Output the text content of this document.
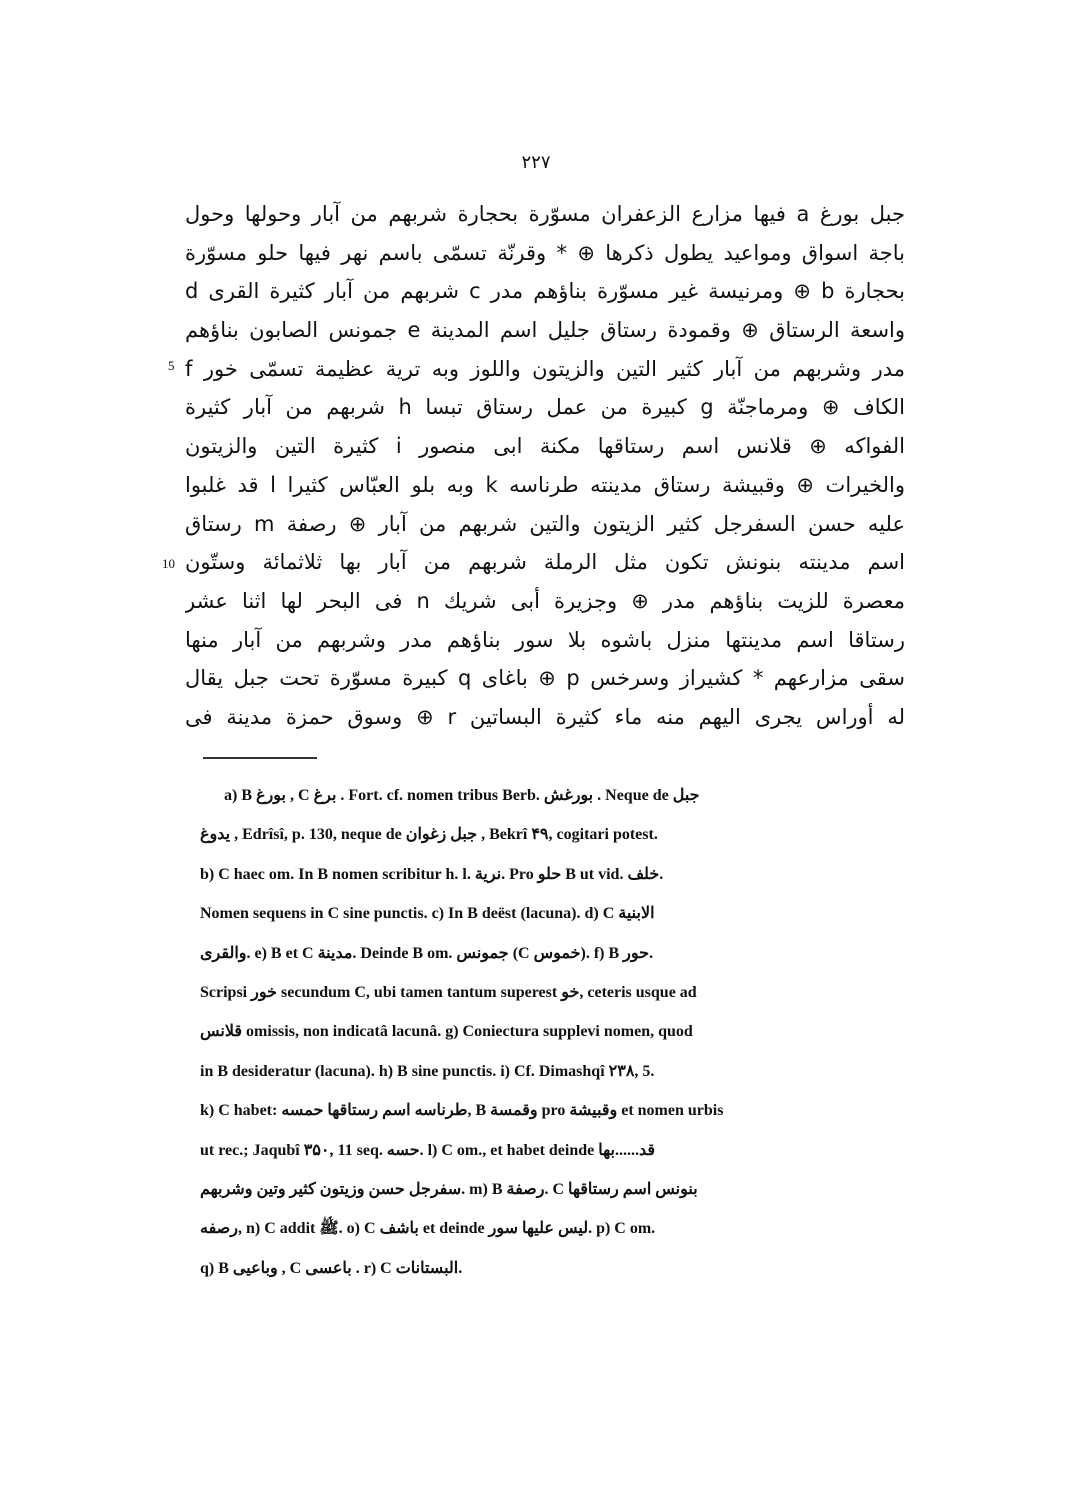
۲۲۷
جبل بورغ a فيها مزارع الزعفران مسوّرة بحجارة شربهم من آبار وحولها وحول
باجة اسواق ومواعيد يطول ذكرها ⊕ * وقرنّة تسمّى باسم نهر فيها حلو مسوّرة
بحجارة b ⊕ ومرنيسة غير مسوّرة بناؤهم مدر c شربهم من آبار كثيرة القرى d
واسعة الرستاق ⊕ وقمودة رستاق جليل اسم المدينة e جمونس الصابون بناؤهم
مدر وشربهم من آبار كثير التين والزيتون واللوز وبه ترية عظيمة تسمّى خور f
الكاف ⊕ ومرماجنّة g كبيرة من عمل رستاق تبسا h شربهم من آبار كثيرة
الفواكه ⊕ قلانس اسم رستاقها مكنة ابى منصور i كثيرة التين والزيتون
والخيرات ⊕ وقبيشة رستاق مدينته طرناسه k وبه بلو العبّاس كثيرا l قد غلبوا
عليه حسن السفرجل كثير الزيتون والتين شربهم من آبار ⊕ رصفة m رستاق
اسم مدينته بنونش تكون مثل الرملة شربهم من آبار بها ثلاثمائة وستّون
معصرة للزيت بناؤهم مدر ⊕ وجزيرة أبى شريك n فى البحر لها اثنا عشر
رستاقا اسم مدينتها منزل باشوه بلا سور بناؤهم مدر وشربهم من آبار منها
سقى مزارعهم * كشيراز وسرخس p ⊕ باغاى q كبيرة مسوّرة تحت جبل يقال
له أوراس يجرى اليهم منه ماء كثيرة البساتين r ⊕ وسوق حمزة مدينة فى
5
10
a) B بورغ , C برغ . Fort. cf. nomen tribus Berb. بورغش . Neque de جبل
يدوغ , Edrîsî, p. 130, neque de جبل زغوان , Bekrî ۴۹, cogitari potest.
b) C haec om. In B nomen scribitur h. l. نرية. Pro حلو B ut vid. خلف.
Nomen sequens in C sine punctis. c) In B deëst (lacuna). d) C الابنية
والقرى. e) B et C مدينة. Deinde B om. جمونس (C خموس). f) B حور.
Scripsi خور secundum C, ubi tamen tantum superest خو, ceteris usque ad
قلانس omissis, non indicatâ lacunâ. g) Coniectura supplevi nomen, quod
in B desideratur (lacuna). h) B sine punctis. i) Cf. Dimashqî ۲۳۸, 5.
k) C habet: طرناسه اسم رستاقها حمسه, B وقمسة pro وقبيشة et nomen urbis
ut rec.; Jaqubî ۳۵۰, 11 seq. حسه. l) C om., et habet deinde قد......بها
سفرجل حسن وزيتون كثير وتين وشربهم. m) B رصفة. C بنونس اسم رستاقها
رصفه, n) C addit ﷺ. o) C باشف et deinde ليس عليها سور. p) C om.
q) B وباعيى , C باعسى . r) C البستانات.
